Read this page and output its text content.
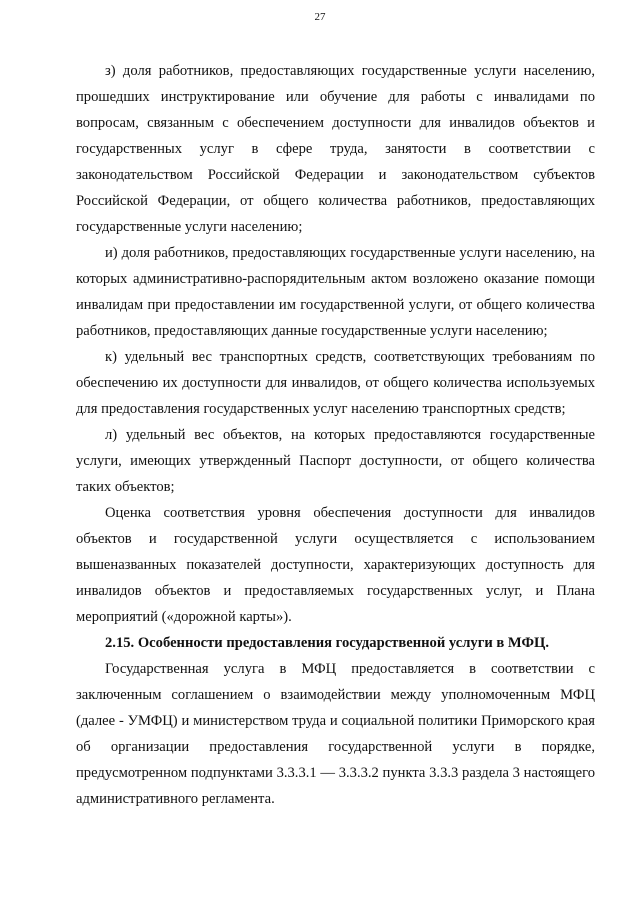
27

з) доля работников, предоставляющих государственные услуги населению, прошедших инструктирование или обучение для работы с инвалидами по вопросам, связанным с обеспечением доступности для инвалидов объектов и государственных услуг в сфере труда, занятости в соответствии с законодательством Российской Федерации и законодательством субъектов Российской Федерации, от общего количества работников, предоставляющих государственные услуги населению;

и) доля работников, предоставляющих государственные услуги населению, на которых административно-распорядительным актом возложено оказание помощи инвалидам при предоставлении им государственной услуги, от общего количества работников, предоставляющих данные государственные услуги населению;

к) удельный вес транспортных средств, соответствующих требованиям по обеспечению их доступности для инвалидов, от общего количества используемых для предоставления государственных услуг населению транспортных средств;

л) удельный вес объектов, на которых предоставляются государственные услуги, имеющих утвержденный Паспорт доступности, от общего количества таких объектов;

Оценка соответствия уровня обеспечения доступности для инвалидов объектов и государственной услуги осуществляется с использованием вышеназванных показателей доступности, характеризующих доступность для инвалидов объектов и предоставляемых государственных услуг, и Плана мероприятий («дорожной карты»).

2.15. Особенности предоставления государственной услуги в МФЦ.

Государственная услуга в МФЦ предоставляется в соответствии с заключенным соглашением о взаимодействии между уполномоченным МФЦ (далее - УМФЦ) и министерством труда и социальной политики Приморского края об организации предоставления государственной услуги в порядке, предусмотренном подпунктами 3.3.3.1 — 3.3.3.2 пункта 3.3.3 раздела 3 настоящего административного регламента.
